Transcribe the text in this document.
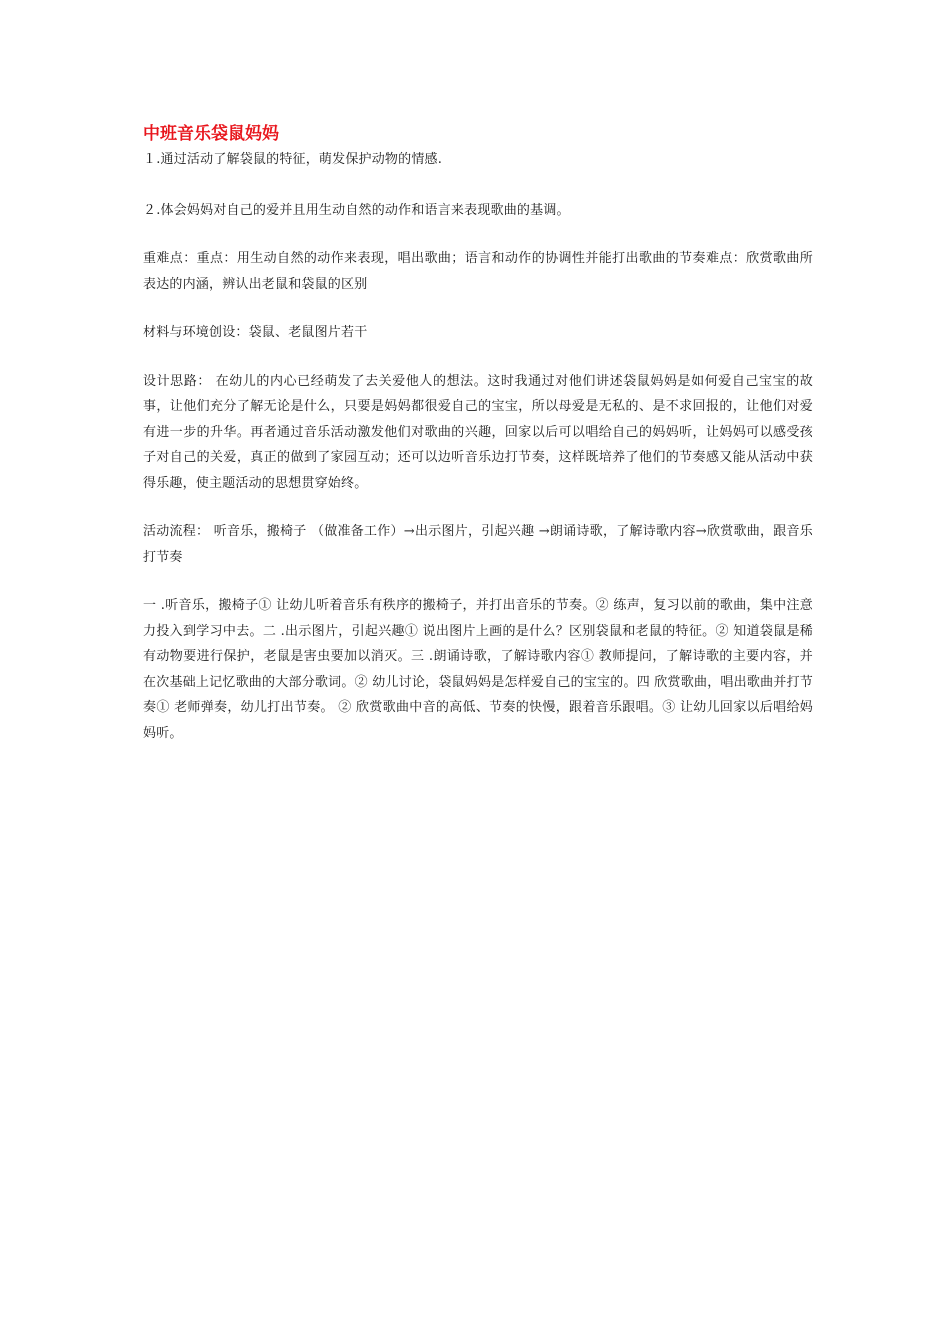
中班音乐袋鼠妈妈

１.通过活动了解袋鼠的特征，萌发保护动物的情感.

２.体会妈妈对自己的爱并且用生动自然的动作和语言来表现歌曲的基调。

重难点：重点：用生动自然的动作来表现，唱出歌曲；语言和动作的协调性并能打出歌曲的节奏难点：欣赏歌曲所表达的内涵，辨认出老鼠和袋鼠的区别

材料与环境创设：袋鼠、老鼠图片若干

设计思路： 在幼儿的内心已经萌发了去关爱他人的想法。这时我通过对他们讲述袋鼠妈妈是如何爱自己宝宝的故事，让他们充分了解无论是什么，只要是妈妈都很爱自己的宝宝，所以母爱是无私的、是不求回报的，让他们对爱有进一步的升华。再者通过音乐活动激发他们对歌曲的兴趣，回家以后可以唱给自己的妈妈听，让妈妈可以感受孩子对自己的关爱，真正的做到了家园互动；还可以边听音乐边打节奏，这样既培养了他们的节奏感又能从活动中获得乐趣，使主题活动的思想贯穿始终。

活动流程： 听音乐，搬椅子 （做准备工作）→出示图片，引起兴趣 →朗诵诗歌，了解诗歌内容→欣赏歌曲，跟音乐打节奏

一 .听音乐，搬椅子① 让幼儿听着音乐有秩序的搬椅子，并打出音乐的节奏。② 练声，复习以前的歌曲，集中注意力投入到学习中去。二 .出示图片，引起兴趣① 说出图片上画的是什么？区别袋鼠和老鼠的特征。② 知道袋鼠是稀有动物要进行保护，老鼠是害虫要加以消灭。三 .朗诵诗歌，了解诗歌内容① 教师提问，了解诗歌的主要内容，并在次基础上记忆歌曲的大部分歌词。② 幼儿讨论，袋鼠妈妈是怎样爱自己的宝宝的。四 欣赏歌曲，唱出歌曲并打节奏① 老师弹奏，幼儿打出节奏。 ② 欣赏歌曲中音的高低、节奏的快慢，跟着音乐跟唱。③ 让幼儿回家以后唱给妈妈听。
